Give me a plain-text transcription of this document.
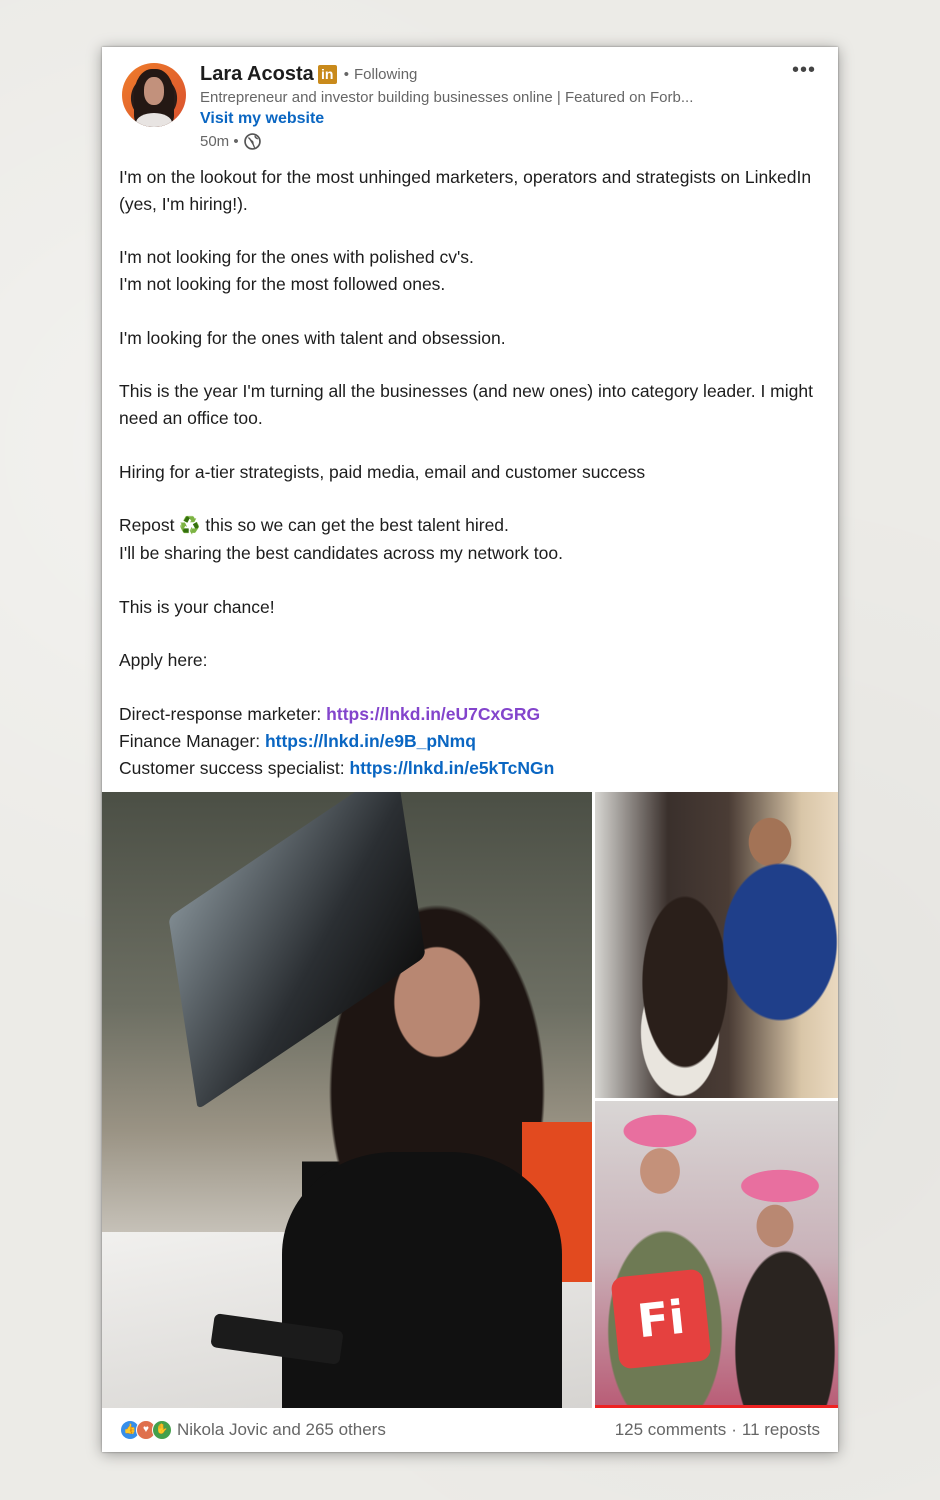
Lara Acosta in • Following
Entrepreneur and investor building businesses online | Featured on Forb...
Visit my website
50m •
•••

I'm on the lookout for the most unhinged marketers, operators and strategists on LinkedIn (yes, I'm hiring!).

I'm not looking for the ones with polished cv's.

I'm not looking for the most followed ones.

I'm looking for the ones with talent and obsession.

This is the year I'm turning all the businesses (and new ones) into category leader. I might need an office too.

Hiring for a-tier strategists, paid media, email and customer success

Repost ♻️ this so we can get the best talent hired.

I'll be sharing the best candidates across my network too.

This is your chance!

Apply here:

Direct-response marketer: https://lnkd.in/eU7CxGRG

Finance Manager: https://lnkd.in/e9B_pNmq

Customer success specialist: https://lnkd.in/e5kTcNGn

Fi
👍 ♥ ✋ Nikola Jovic and 265 others	125 comments · 11 reposts
